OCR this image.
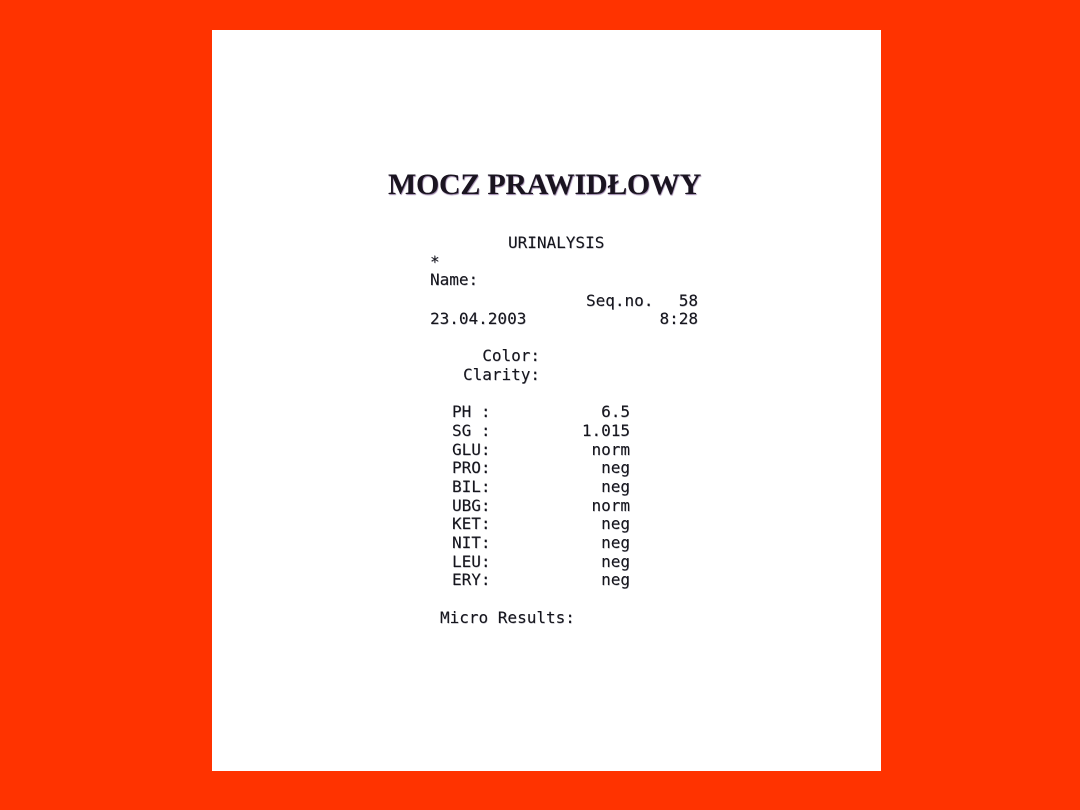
MOCZ PRAWIDŁOWY
URINALYSIS
*
Name:
Seq.no.	58
23.04.2003	8:28
Color:
Clarity:
PH :	6.5
SG :	1.015
GLU:	norm
PRO:	neg
BIL:	neg
UBG:	norm
KET:	neg
NIT:	neg
LEU:	neg
ERY:	neg
Micro Results:
